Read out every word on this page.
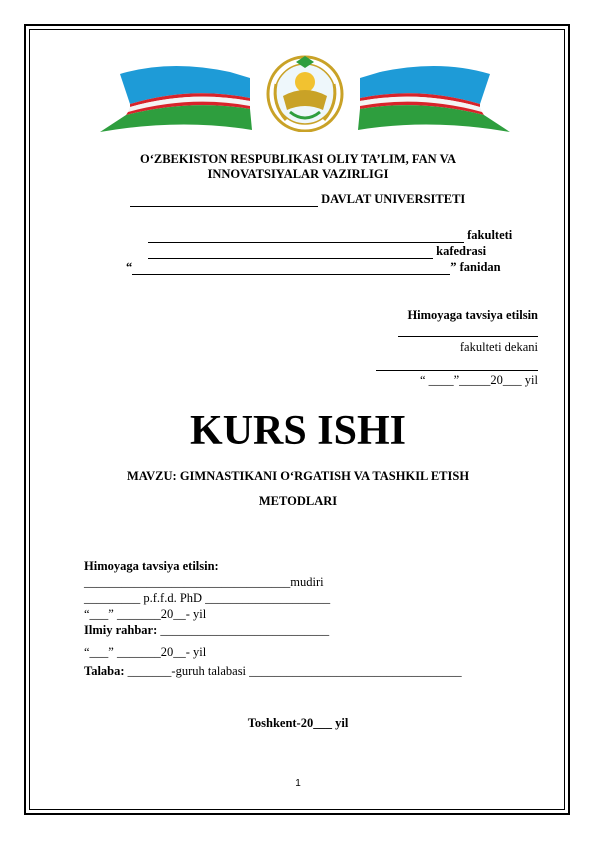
O‘ZBEKISTON RESPUBLIKASI OLIY TA’LIM, FAN VA
INNOVATSIYALAR VAZIRLIGI
DAVLAT UNIVERSITETI
fakulteti
kafedrasi
“	” fanidan
Himoyaga tavsiya etilsin
fakulteti dekani
“ ____”_____20___ yil
KURS ISHI
MAVZU: GIMNASTIKANI O‘RGATISH VA TASHKIL ETISH
METODLARI
Himoyaga tavsiya etilsin:
_________________________________mudiri
_________ p.f.f.d. PhD ____________________
“___” _______20__- yil
Ilmiy rahbar: ___________________________
“___” _______20__- yil
Talaba: _______-guruh talabasi __________________________________
Toshkent-20___ yil
1
